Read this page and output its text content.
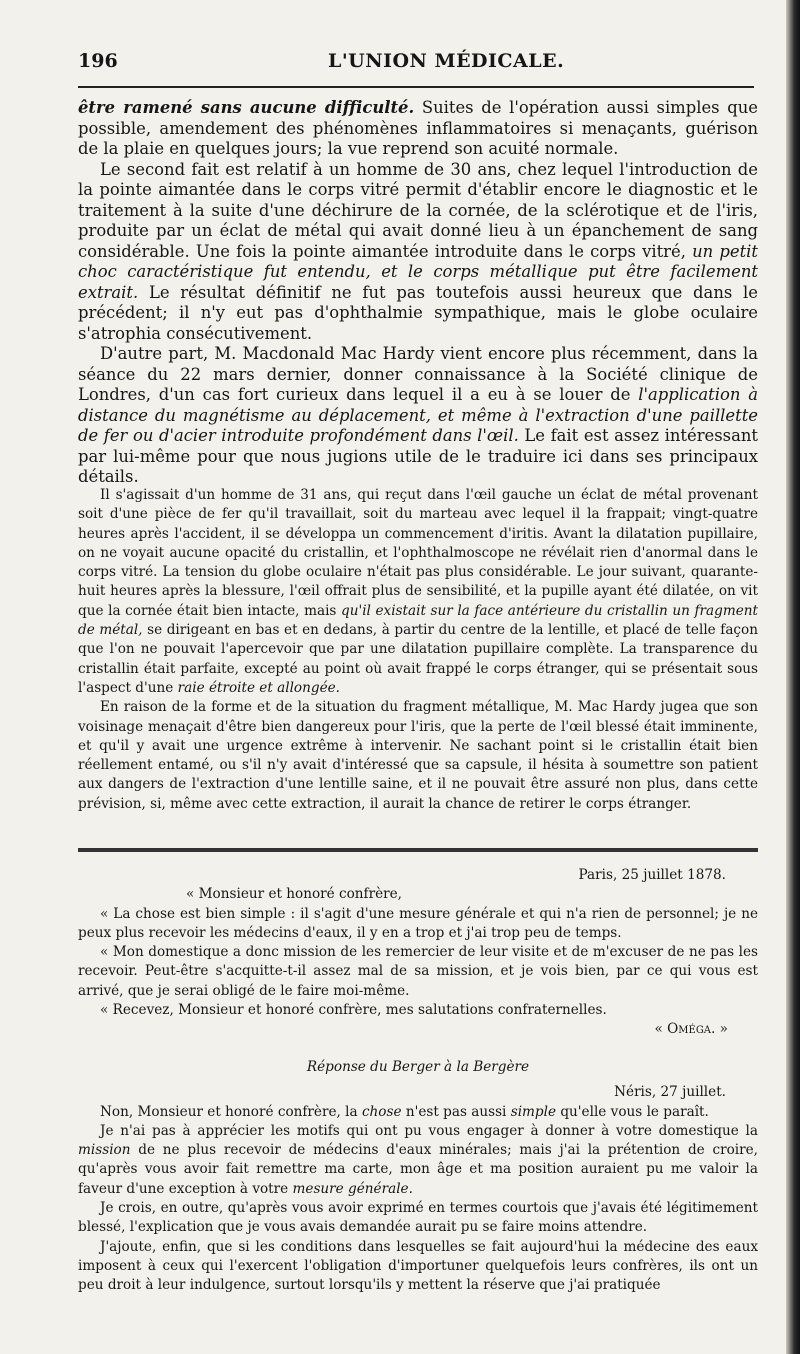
196	L'UNION MÉDICALE.

être ramené sans aucune difficulté. Suites de l'opération aussi simples que possible, amendement des phénomènes inflammatoires si menaçants, guérison de la plaie en quelques jours; la vue reprend son acuité normale.

Le second fait est relatif à un homme de 30 ans, chez lequel l'introduction de la pointe aimantée dans le corps vitré permit d'établir encore le diagnostic et le traitement à la suite d'une déchirure de la cornée, de la sclérotique et de l'iris, produite par un éclat de métal qui avait donné lieu à un épanchement de sang considérable. Une fois la pointe aimantée introduite dans le corps vitré, un petit choc caractéristique fut entendu, et le corps métallique put être facilement extrait. Le résultat définitif ne fut pas toutefois aussi heureux que dans le précédent; il n'y eut pas d'ophthalmie sympathique, mais le globe oculaire s'atrophia consécutivement.

D'autre part, M. Macdonald Mac Hardy vient encore plus récemment, dans la séance du 22 mars dernier, donner connaissance à la Société clinique de Londres, d'un cas fort curieux dans lequel il a eu à se louer de l'application à distance du magnétisme au déplacement, et même à l'extraction d'une paillette de fer ou d'acier introduite profondément dans l'œil. Le fait est assez intéressant par lui-même pour que nous jugions utile de le traduire ici dans ses principaux détails.

Il s'agissait d'un homme de 31 ans, qui reçut dans l'œil gauche un éclat de métal provenant soit d'une pièce de fer qu'il travaillait, soit du marteau avec lequel il la frappait; vingt-quatre heures après l'accident, il se développa un commencement d'iritis. Avant la dilatation pupillaire, on ne voyait aucune opacité du cristallin, et l'ophthalmoscope ne révélait rien d'anormal dans le corps vitré. La tension du globe oculaire n'était pas plus considérable. Le jour suivant, quarante-huit heures après la blessure, l'œil offrait plus de sensibilité, et la pupille ayant été dilatée, on vit que la cornée était bien intacte, mais qu'il existait sur la face antérieure du cristallin un fragment de métal, se dirigeant en bas et en dedans, à partir du centre de la lentille, et placé de telle façon que l'on ne pouvait l'apercevoir que par une dilatation pupillaire complète. La transparence du cristallin était parfaite, excepté au point où avait frappé le corps étranger, qui se présentait sous l'aspect d'une raie étroite et allongée.

En raison de la forme et de la situation du fragment métallique, M. Mac Hardy jugea que son voisinage menaçait d'être bien dangereux pour l'iris, que la perte de l'œil blessé était imminente, et qu'il y avait une urgence extrême à intervenir. Ne sachant point si le cristallin était bien réellement entamé, ou s'il n'y avait d'intéressé que sa capsule, il hésita à soumettre son patient aux dangers de l'extraction d'une lentille saine, et il ne pouvait être assuré non plus, dans cette prévision, si, même avec cette extraction, il aurait la chance de retirer le corps étranger.

Paris, 25 juillet 1878.

« Monsieur et honoré confrère,

« La chose est bien simple : il s'agit d'une mesure générale et qui n'a rien de personnel; je ne peux plus recevoir les médecins d'eaux, il y en a trop et j'ai trop peu de temps.

« Mon domestique a donc mission de les remercier de leur visite et de m'excuser de ne pas les recevoir. Peut-être s'acquitte-t-il assez mal de sa mission, et je vois bien, par ce qui vous est arrivé, que je serai obligé de le faire moi-même.

« Recevez, Monsieur et honoré confrère, mes salutations confraternelles.

« Oméga. »

Réponse du Berger à la Bergère

Néris, 27 juillet.

Non, Monsieur et honoré confrère, la chose n'est pas aussi simple qu'elle vous le paraît.

Je n'ai pas à apprécier les motifs qui ont pu vous engager à donner à votre domestique la mission de ne plus recevoir de médecins d'eaux minérales; mais j'ai la prétention de croire, qu'après vous avoir fait remettre ma carte, mon âge et ma position auraient pu me valoir la faveur d'une exception à votre mesure générale.

Je crois, en outre, qu'après vous avoir exprimé en termes courtois que j'avais été légitimement blessé, l'explication que je vous avais demandée aurait pu se faire moins attendre.

J'ajoute, enfin, que si les conditions dans lesquelles se fait aujourd'hui la médecine des eaux imposent à ceux qui l'exercent l'obligation d'importuner quelquefois leurs confrères, ils ont un peu droit à leur indulgence, surtout lorsqu'ils y mettent la réserve que j'ai pratiquée
